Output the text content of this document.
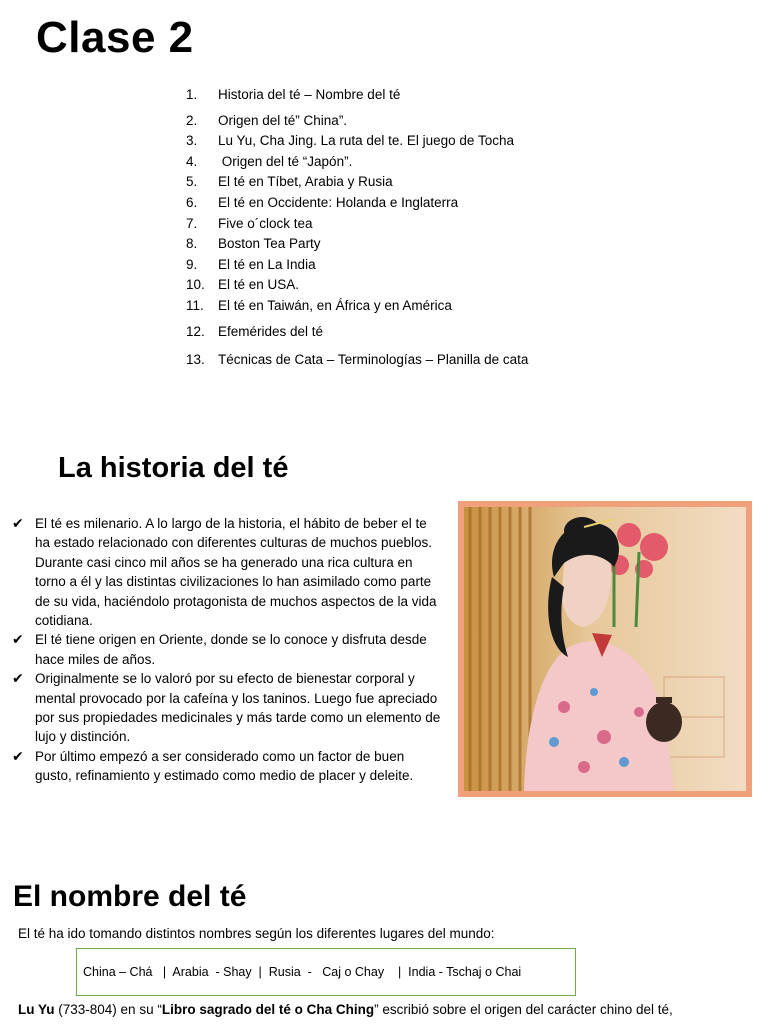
Clase 2
1. Historia del té – Nombre del té
2. Origen del té” China”.
3. Lu Yu, Cha Jing. La ruta del te. El juego de Tocha
4. Origen del té “Japón”.
5. El té en Tíbet, Arabia y Rusia
6. El té en Occidente: Holanda e Inglaterra
7. Five o´clock tea
8. Boston Tea Party
9. El té en La India
10. El té en USA.
11. El té en Taiwán, en África y en América
12. Efemérides del té
13. Técnicas de Cata – Terminologías – Planilla de cata
La historia del té
✔ El té es milenario. A lo largo de la historia, el hábito de beber el te ha estado relacionado con diferentes culturas de muchos pueblos. Durante casi cinco mil años se ha generado una rica cultura en torno a él y las distintas civilizaciones lo han asimilado como parte de su vida, haciéndolo protagonista de muchos aspectos de la vida cotidiana.
✔ El té tiene origen en Oriente, donde se lo conoce y disfruta desde hace miles de años.
✔ Originalmente se lo valoró por su efecto de bienestar corporal y mental provocado por la cafeína y los taninos. Luego fue apreciado por sus propiedades medicinales y más tarde como un elemento de lujo y distinción.
✔ Por último empezó a ser considerado como un factor de buen gusto, refinamiento y estimado como medio de placer y deleite.
El nombre del té
El té ha ido tomando distintos nombres según los diferentes lugares del mundo:
China – Chá   |  Arabia  - Shay  |  Rusia  -   Caj o Chay    |  India - Tschaj o Chai
Lu Yu (733-804) en su “Libro sagrado del té o Cha Ching” escribió sobre el origen del carácter chino del té,
